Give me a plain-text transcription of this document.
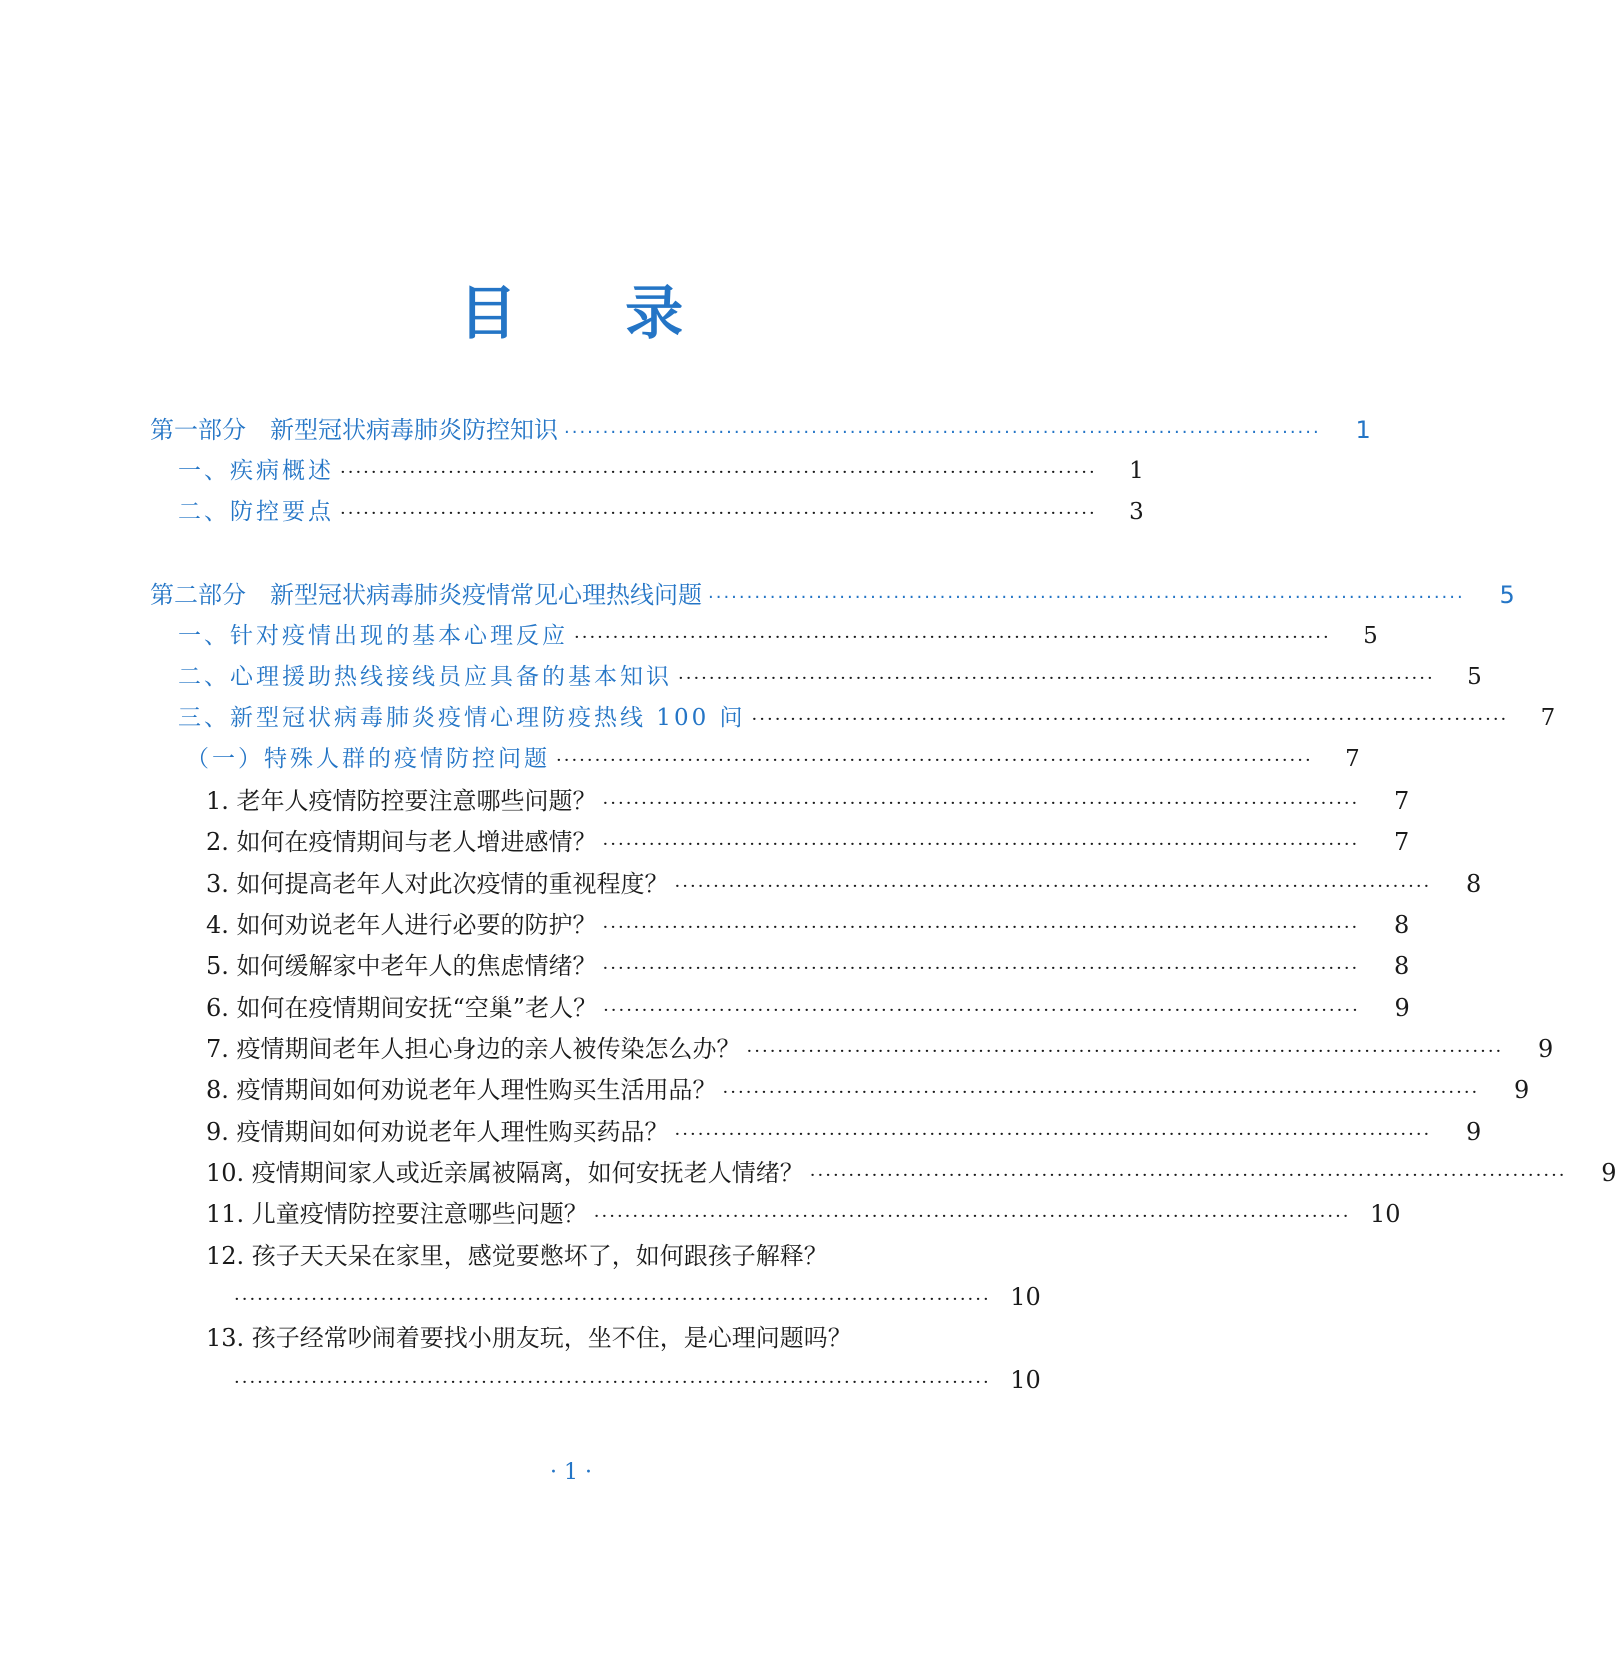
目 录
第一部分　新型冠状病毒肺炎防控知识 ··································································································	1
一、疾病概述 ··································································································	1
二、防控要点 ··································································································	3
第二部分　新型冠状病毒肺炎疫情常见心理热线问题 ··································································································	5
一、针对疫情出现的基本心理反应 ··································································································	5
二、心理援助热线接线员应具备的基本知识 ··································································································	5
三、新型冠状病毒肺炎疫情心理防疫热线 100 问 ··································································································	7
（一）特殊人群的疫情防控问题 ··································································································	7
1. 老年人疫情防控要注意哪些问题？ ··································································································	7
2. 如何在疫情期间与老人增进感情？ ··································································································	7
3. 如何提高老年人对此次疫情的重视程度？ ··································································································	8
4. 如何劝说老年人进行必要的防护？ ··································································································	8
5. 如何缓解家中老年人的焦虑情绪？ ··································································································	8
6. 如何在疫情期间安抚“空巢”老人？ ··································································································	9
7. 疫情期间老年人担心身边的亲人被传染怎么办？ ··································································································	9
8. 疫情期间如何劝说老年人理性购买生活用品？ ··································································································	9
9. 疫情期间如何劝说老年人理性购买药品？ ··································································································	9
10. 疫情期间家人或近亲属被隔离，如何安抚老人情绪？ ··································································································	9
11. 儿童疫情防控要注意哪些问题？ ·································································································· 10
12. 孩子天天呆在家里，感觉要憋坏了，如何跟孩子解释？
·································································································· 10
13. 孩子经常吵闹着要找小朋友玩，坐不住，是心理问题吗？
·································································································· 10
· 1 ·
